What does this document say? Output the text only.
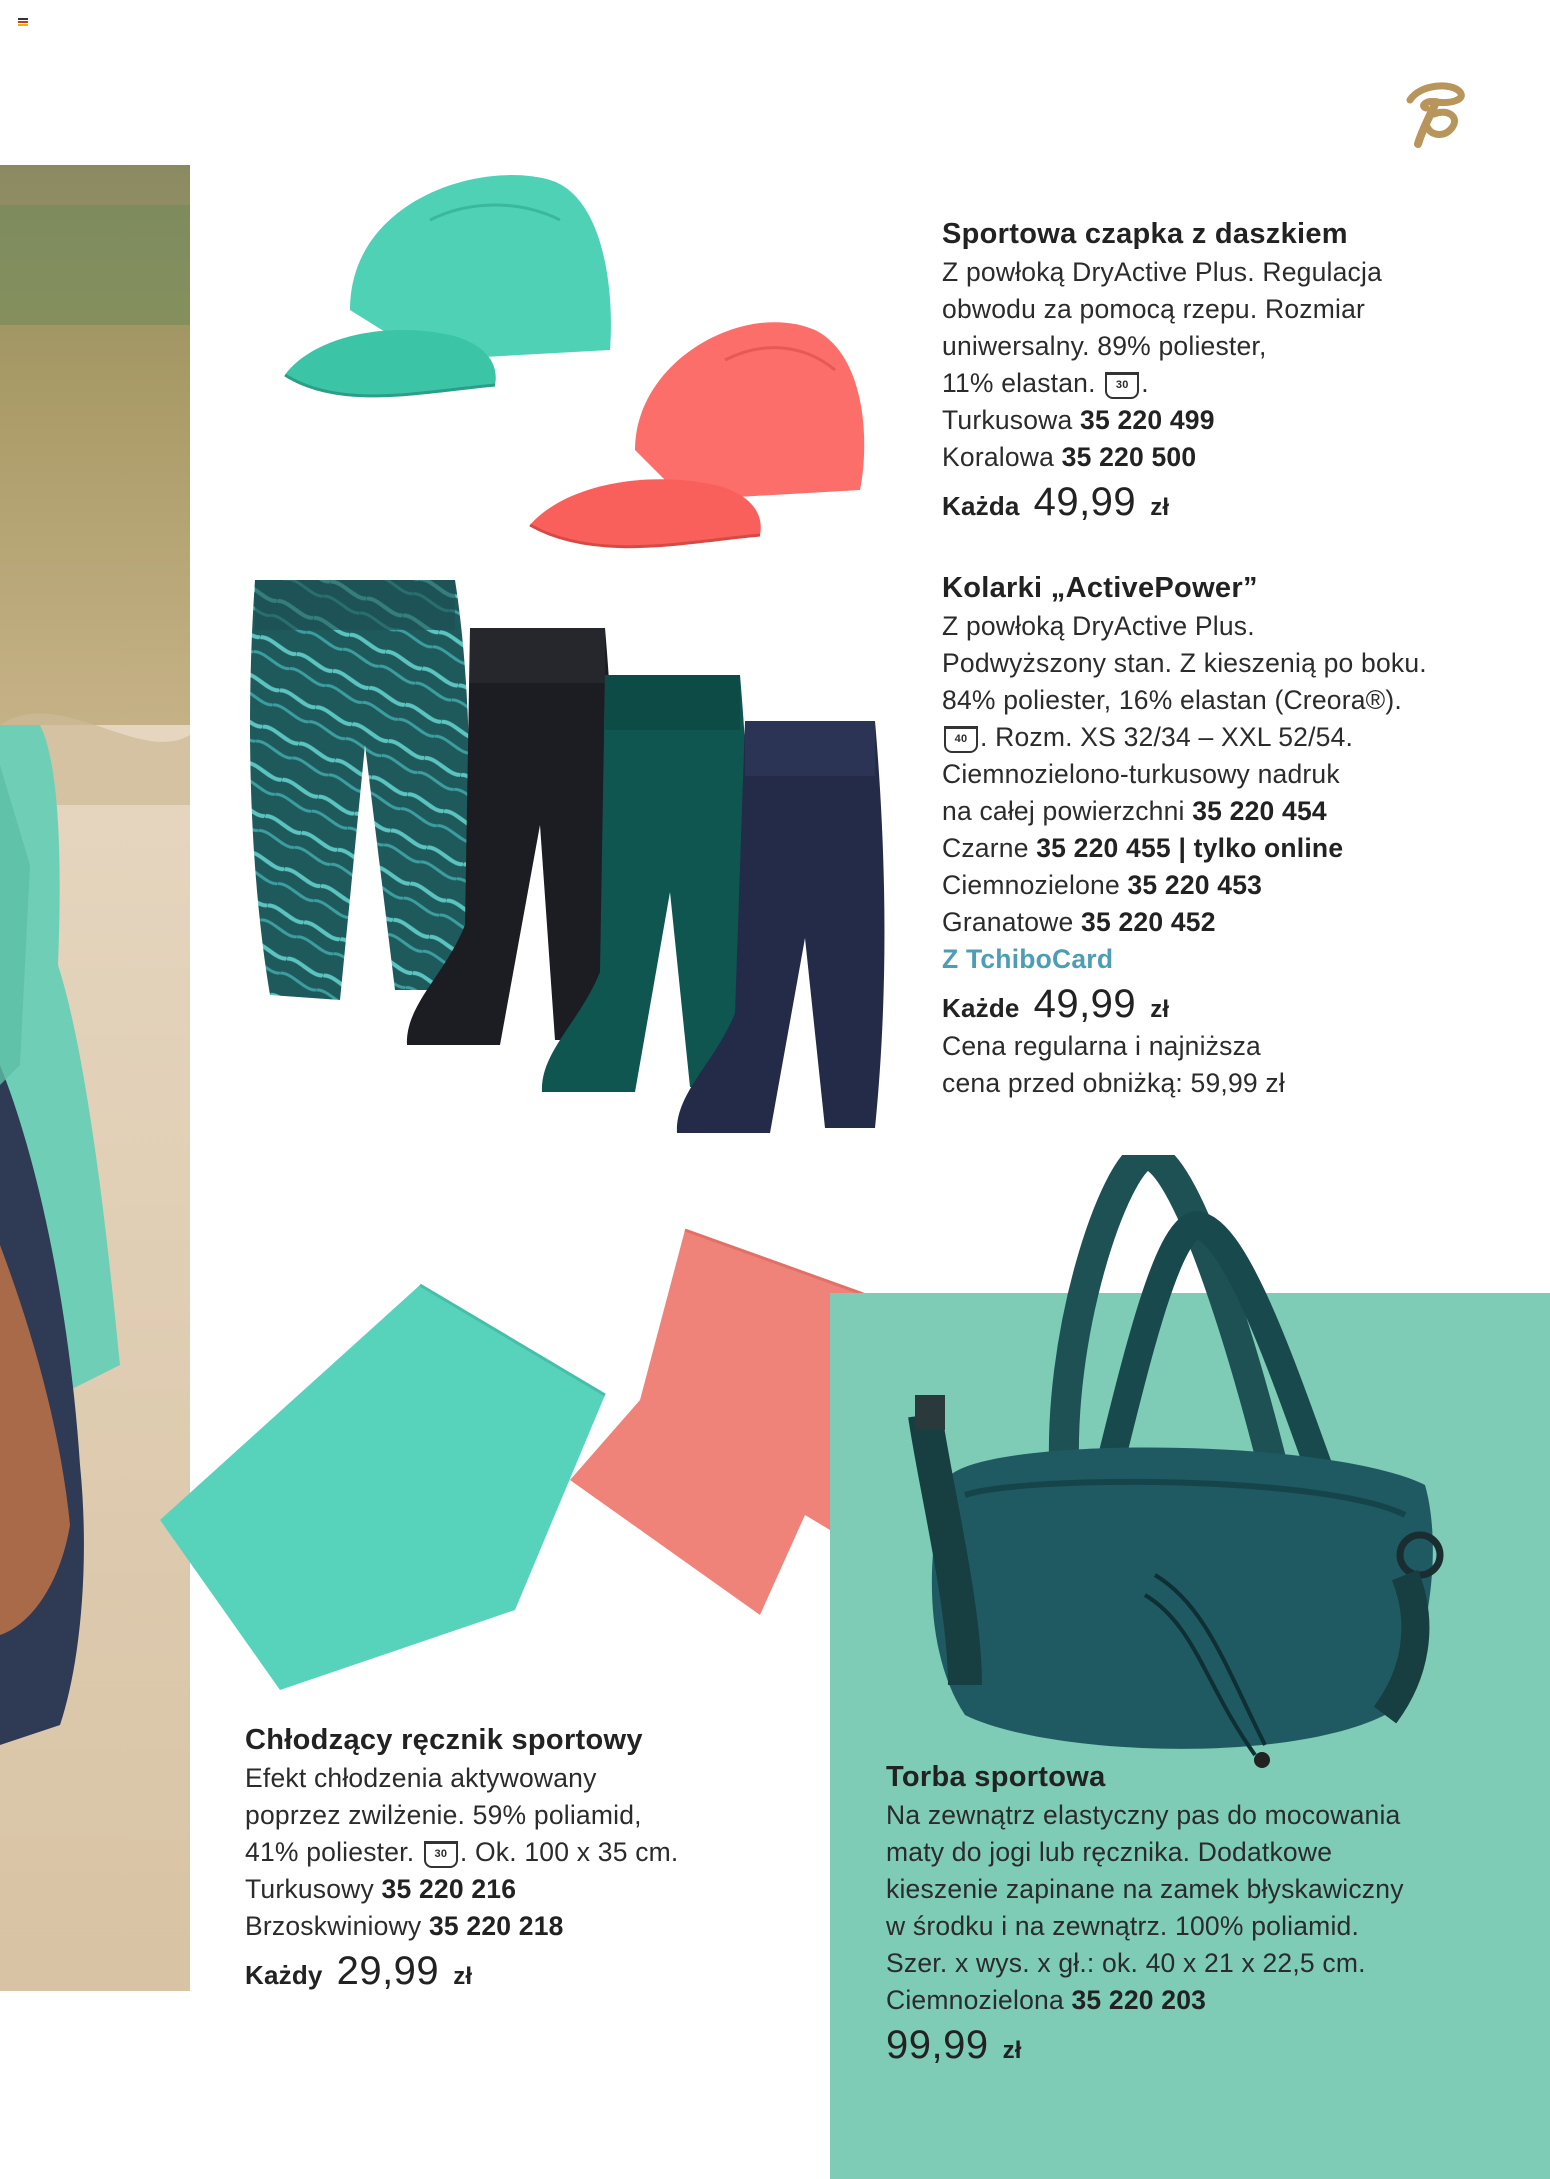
Sportowa czapka z daszkiem
Z powłoką DryActive Plus. Regulacja
obwodu za pomocą rzepu. Rozmiar
uniwersalny. 89% poliester,
11% elastan. 30 .
Turkusowa 35 220 499
Koralowa 35 220 500
Każda 49,99 zł
Kolarki „ActivePower”
Z powłoką DryActive Plus.
Podwyższony stan. Z kieszenią po boku.
84% poliester, 16% elastan (Creora®).
40 . Rozm. XS 32/34 – XXL 52/54.
Ciemnozielono-turkusowy nadruk
na całej powierzchni 35 220 454
Czarne 35 220 455 | tylko online
Ciemnozielone 35 220 453
Granatowe 35 220 452
Z TchiboCard
Każde 49,99 zł
Cena regularna i najniższa
cena przed obniżką: 59,99 zł
Chłodzący ręcznik sportowy
Efekt chłodzenia aktywowany
poprzez zwilżenie. 59% poliamid,
41% poliester. 30 . Ok. 100 x 35 cm.
Turkusowy 35 220 216
Brzoskwiniowy 35 220 218
Każdy 29,99 zł
Torba sportowa
Na zewnątrz elastyczny pas do mocowania
maty do jogi lub ręcznika. Dodatkowe
kieszenie zapinane na zamek błyskawiczny
w środku i na zewnątrz. 100% poliamid.
Szer. x wys. x gł.: ok. 40 x 21 x 22,5 cm.
Ciemnozielona 35 220 203
99,99 zł
